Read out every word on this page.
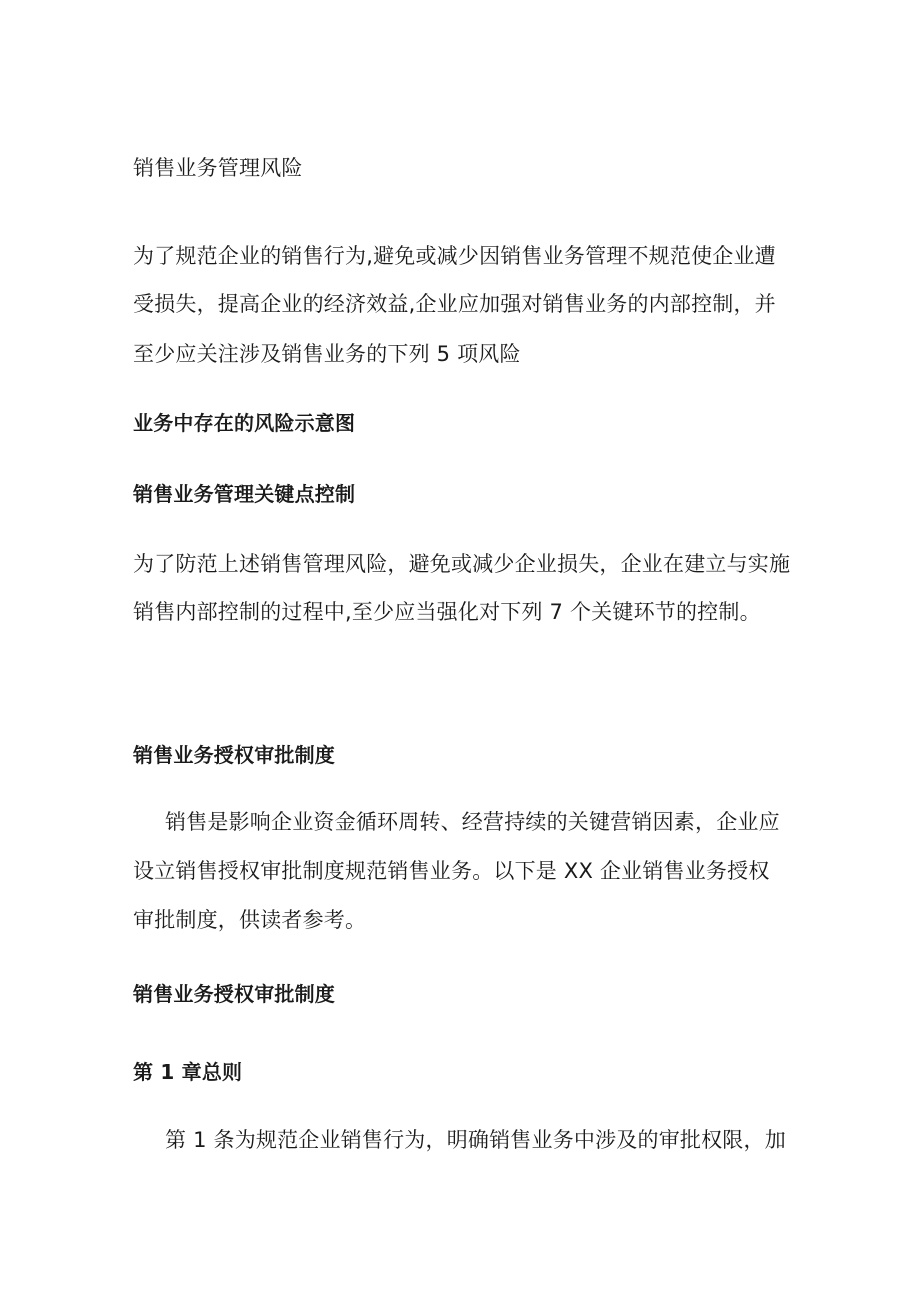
销售业务管理风险
为了规范企业的销售行为,避免或减少因销售业务管理不规范使企业遭
受损失，提高企业的经济效益,企业应加强对销售业务的内部控制，并
至少应关注涉及销售业务的下列 5 项风险
业务中存在的风险示意图
销售业务管理关键点控制
为了防范上述销售管理风险，避免或减少企业损失，企业在建立与实施
销售内部控制的过程中,至少应当强化对下列 7 个关键环节的控制。
销售业务授权审批制度
销售是影响企业资金循环周转、经营持续的关键营销因素，企业应
设立销售授权审批制度规范销售业务。以下是 XX 企业销售业务授权
审批制度，供读者参考。
销售业务授权审批制度
第 1 章总则
第 1 条为规范企业销售行为，明确销售业务中涉及的审批权限，加
